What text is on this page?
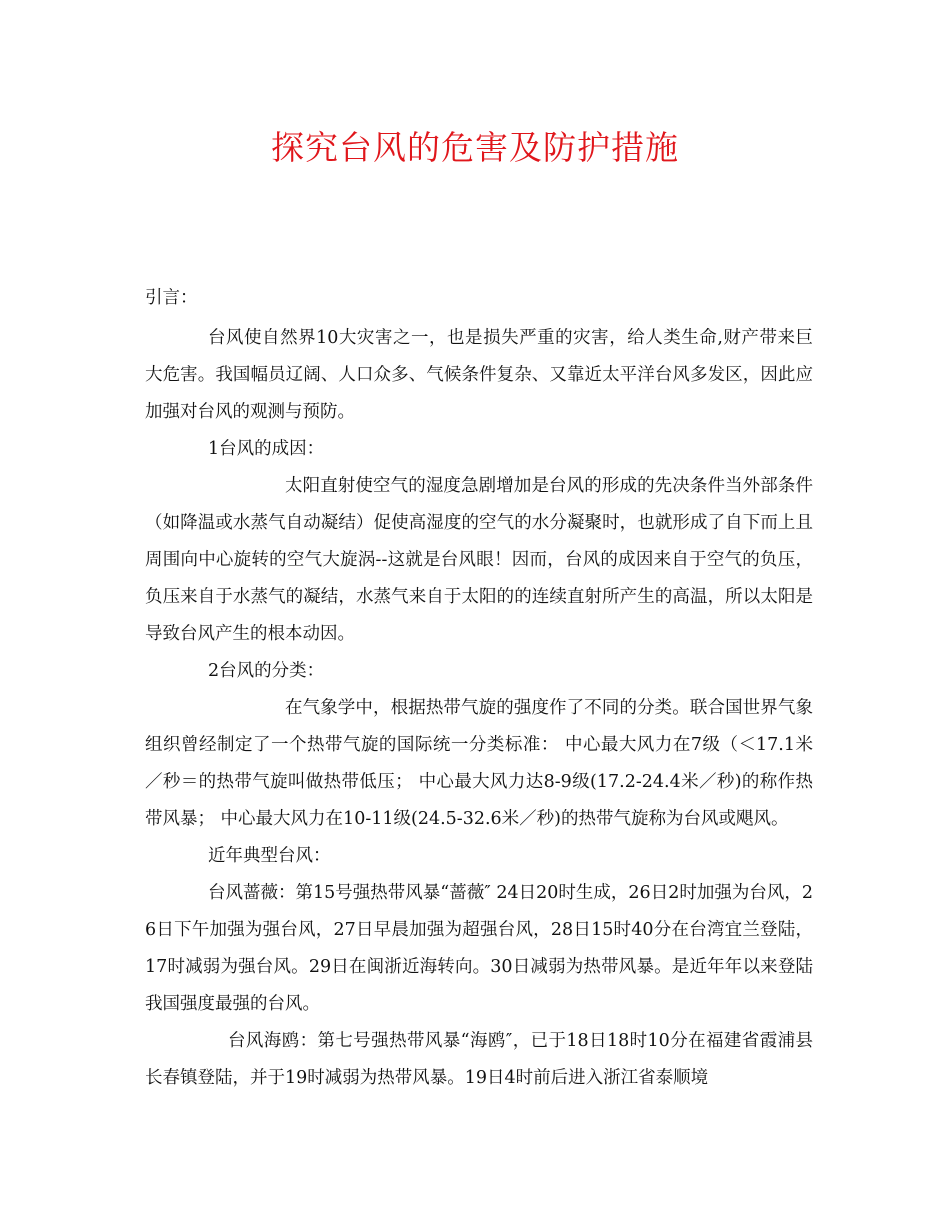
探究台风的危害及防护措施

引言：

台风使自然界10大灾害之一，也是损失严重的灾害，给人类生命,财产带来巨大危害。我国幅员辽阔、人口众多、气候条件复杂、又靠近太平洋台风多发区，因此应加强对台风的观测与预防。

1台风的成因：

太阳直射使空气的湿度急剧增加是台风的形成的先决条件当外部条件（如降温或水蒸气自动凝结）促使高湿度的空气的水分凝聚时，也就形成了自下而上且周围向中心旋转的空气大旋涡--这就是台风眼！因而，台风的成因来自于空气的负压，负压来自于水蒸气的凝结，水蒸气来自于太阳的的连续直射所产生的高温，所以太阳是导致台风产生的根本动因。

2台风的分类：

在气象学中，根据热带气旋的强度作了不同的分类。联合国世界气象组织曾经制定了一个热带气旋的国际统一分类标准： 中心最大风力在7级（＜17.1米／秒＝的热带气旋叫做热带低压； 中心最大风力达8-9级(17.2-24.4米／秒)的称作热带风暴； 中心最大风力在10-11级(24.5-32.6米／秒)的热带气旋称为台风或飓风。

近年典型台风：

台风蔷薇：第15号强热带风暴“蔷薇″ 24日20时生成，26日2时加强为台风，26日下午加强为强台风，27日早晨加强为超强台风，28日15时40分在台湾宜兰登陆，17时减弱为强台风。29日在闽浙近海转向。30日减弱为热带风暴。是近年年以来登陆我国强度最强的台风。

台风海鸥：第七号强热带风暴“海鸥″，已于18日18时10分在福建省霞浦县长春镇登陆，并于19时减弱为热带风暴。19日4时前后进入浙江省泰顺境
